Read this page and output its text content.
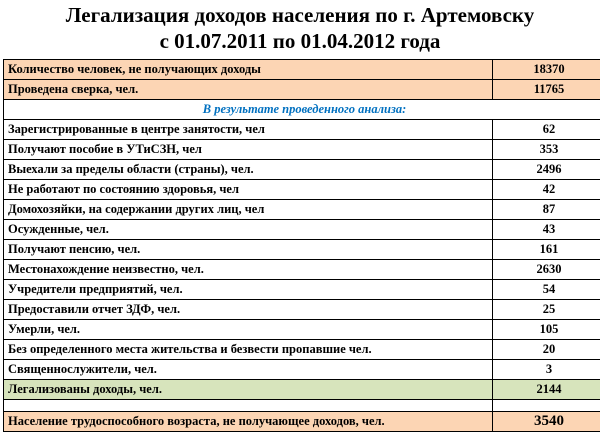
Легализация доходов населения по г. Артемовску
с 01.07.2011 по 01.04.2012 года
Количество человек, не получающих доходы	18370
Проведена сверка, чел.	11765
В результате проведенного анализа:	
Зарегистрированные в центре занятости, чел	62
Получают пособие в УТиСЗН, чел	353
Выехали за пределы области (страны), чел.	2496
Не работают по состоянию здоровья, чел	42
Домохозяйки, на содержании других лиц, чел	87
Осужденные, чел.	43
Получают пенсию, чел.	161
Местонахождение неизвестно, чел.	2630
Учредители предприятий, чел.	54
Предоставили отчет ЗДФ, чел.	25
Умерли, чел.	105
Без определенного места жительства и безвести пропавшие чел.	20
Священнослужители, чел.	3
Легализованы доходы, чел.	2144

Население трудоспособного возраста, не получающее доходов, чел.	3540
